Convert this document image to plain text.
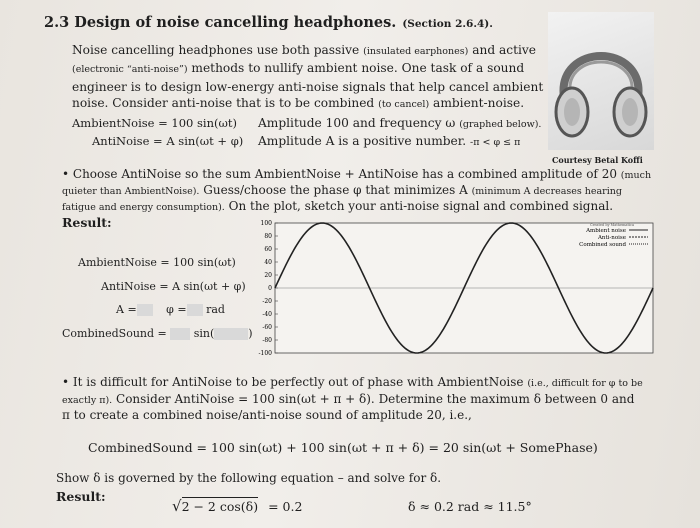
2.3 Design of noise cancelling headphones. (Section 2.6.4).
Noise cancelling headphones use both passive (insulated earphones) and active
(electronic “anti-noise”) methods to nullify ambient noise. One task of a sound
engineer is to design low-energy anti-noise signals that help cancel ambient
noise. Consider anti-noise that is to be combined (to cancel) ambient-noise.
AmbientNoise = 100 sin(ωt) Amplitude 100 and frequency ω (graphed below).
AntiNoise = A sin(ωt + φ) Amplitude A is a positive number. -π < φ ≤ π
Courtesy Betal Koffi
• Choose AntiNoise so the sum AmbientNoise + AntiNoise has a combined amplitude of 20 (much
quieter than AmbientNoise). Guess/choose the phase φ that minimizes A (minimum A decreases hearing
fatigue and energy consumption). On the plot, sketch your anti-noise signal and combined signal.
Result:
AmbientNoise = 100 sin(ωt)
AntiNoise = A sin(ωt + φ)
A =	φ = rad
CombinedSound = sin(	)
100
80
60
40
20
0
-20
-40
-60
-80
-100
Created by Mathematica
Ambient noise
Anti-noise
Combined sound
• It is difficult for AntiNoise to be perfectly out of phase with AmbientNoise (i.e., difficult for φ to be
exactly π). Consider AntiNoise = 100 sin(ωt + π + δ). Determine the maximum δ between 0 and
π to create a combined noise/anti-noise sound of amplitude 20, i.e.,
CombinedSound = 100 sin(ωt) + 100 sin(ωt + π + δ) = 20 sin(ωt + SomePhase)
Show δ is governed by the following equation – and solve for δ.
Result:
√2 − 2 cos(δ) = 0.2	δ ≈ 0.2 rad ≈ 11.5°
